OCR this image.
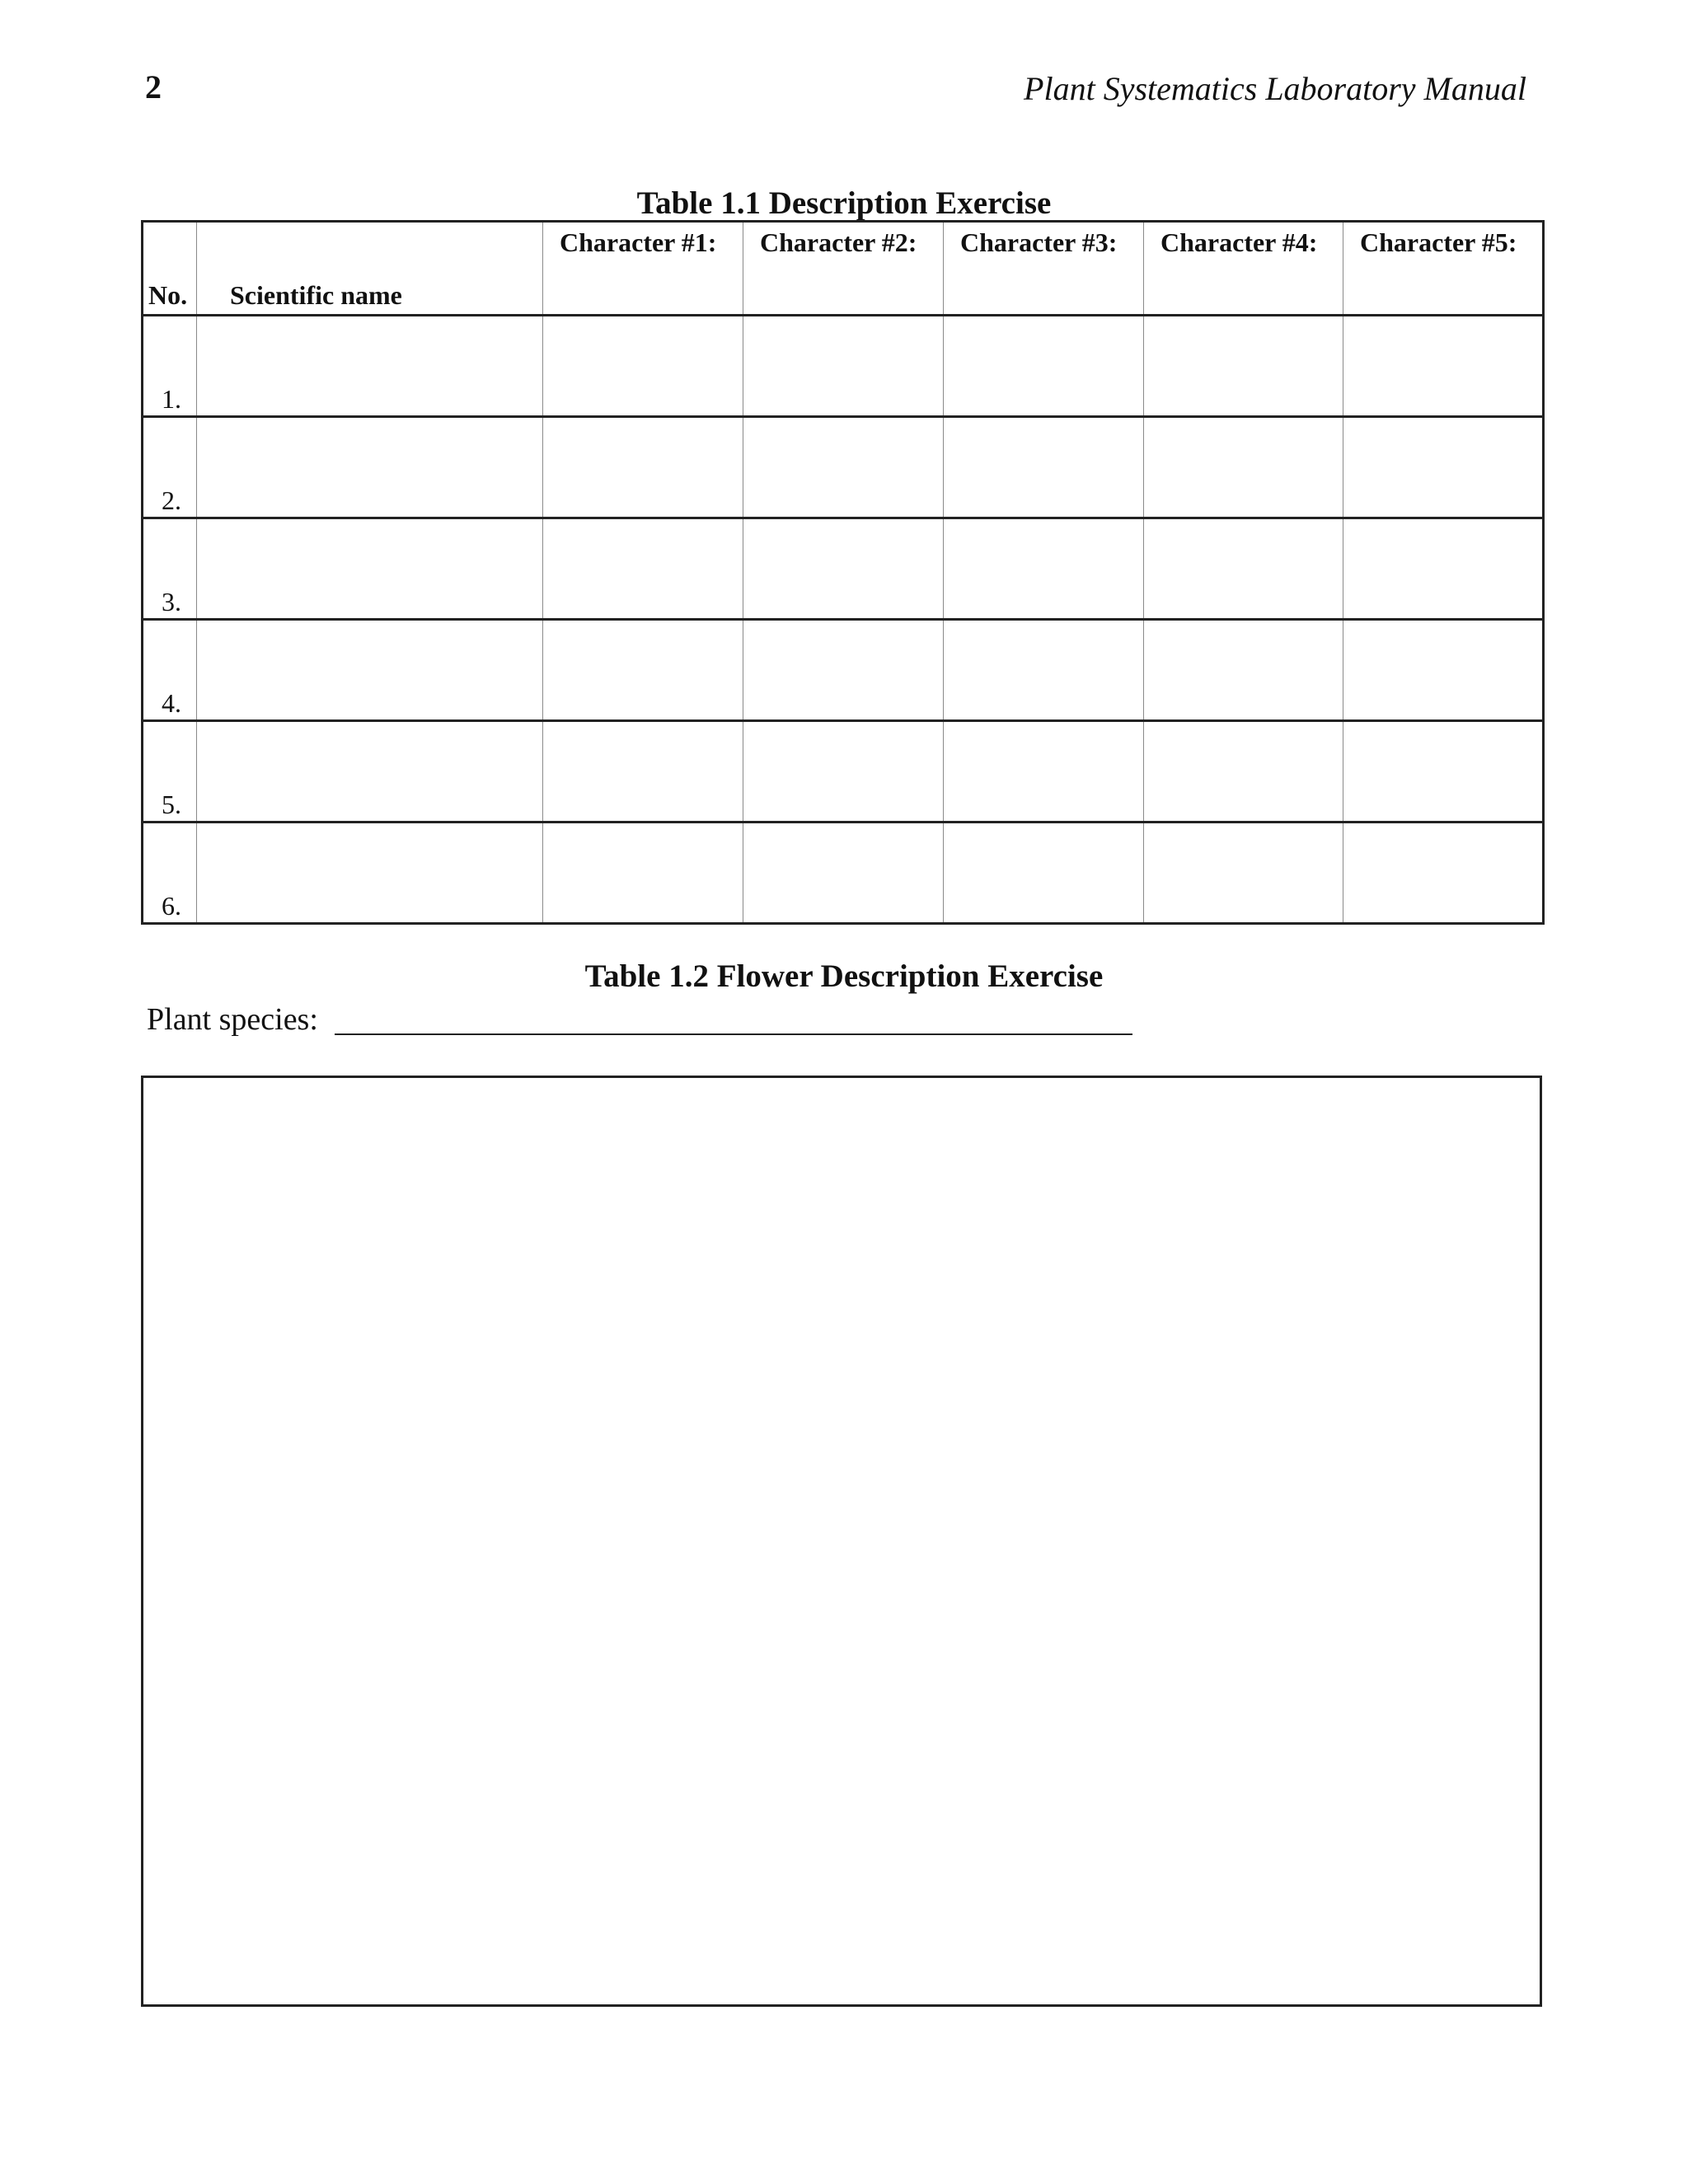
2	Plant Systematics Laboratory Manual
Table 1.1 Description Exercise
No.	Scientific name	Character #1:	Character #2:	Character #3:	Character #4:	Character #5:

1.						

2.						

3.						

4.						

5.						

6.						

Table 1.2 Flower Description Exercise
Plant species:
